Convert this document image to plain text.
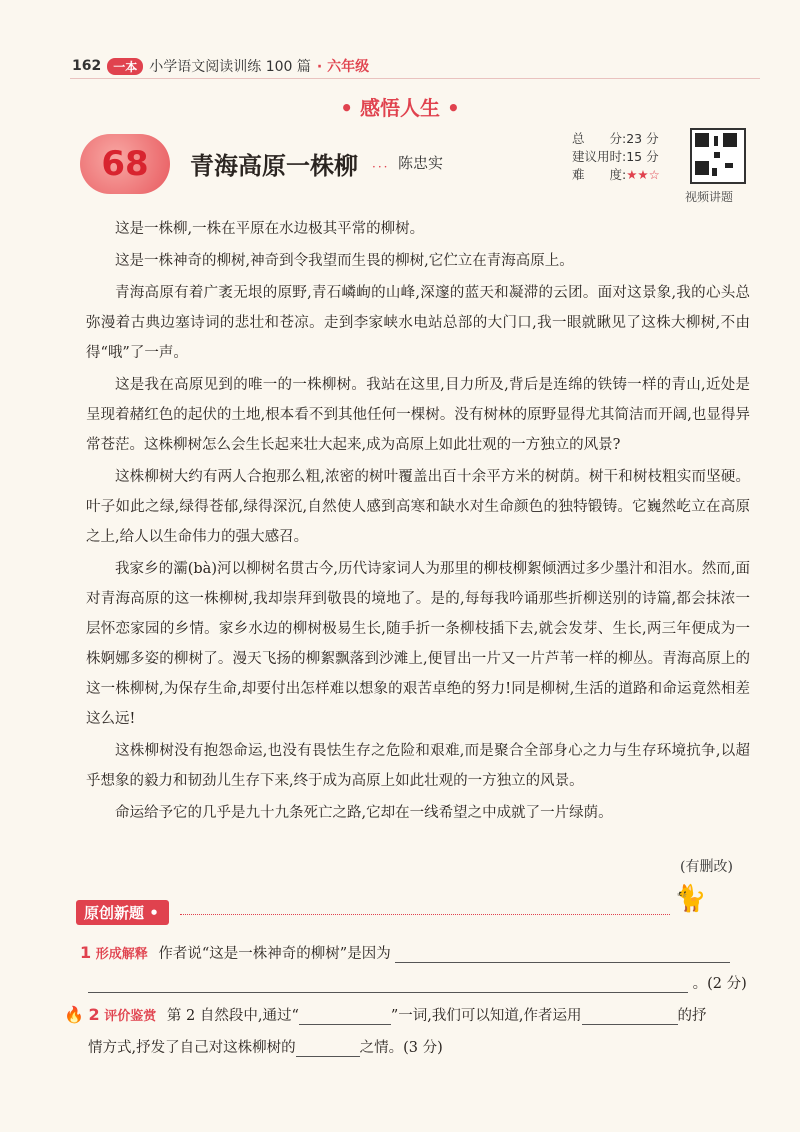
162	一本 小学语文阅读训练 100 篇 · 六年级
• 感悟人生 •
68 青海高原一株柳 ··· 陈忠实
总　　分:23 分
建议用时:15 分
难　　度:★★☆
视频讲题

这是一株柳,一株在平原在水边极其平常的柳树。

这是一株神奇的柳树,神奇到令我望而生畏的柳树,它伫立在青海高原上。

青海高原有着广袤无垠的原野,青石嶙峋的山峰,深邃的蓝天和凝滞的云团。面对这景象,我的心头总弥漫着古典边塞诗词的悲壮和苍凉。走到李家峡水电站总部的大门口,我一眼就瞅见了这株大柳树,不由得“哦”了一声。

这是我在高原见到的唯一的一株柳树。我站在这里,目力所及,背后是连绵的铁铸一样的青山,近处是呈现着赭红色的起伏的土地,根本看不到其他任何一棵树。没有树林的原野显得尤其简洁而开阔,也显得异常苍茫。这株柳树怎么会生长起来壮大起来,成为高原上如此壮观的一方独立的风景?

这株柳树大约有两人合抱那么粗,浓密的树叶覆盖出百十余平方米的树荫。树干和树枝粗实而坚硬。叶子如此之绿,绿得苍郁,绿得深沉,自然使人感到高寒和缺水对生命颜色的独特锻铸。它巍然屹立在高原之上,给人以生命伟力的强大感召。

我家乡的灞(bà)河以柳树名贯古今,历代诗家词人为那里的柳枝柳絮倾洒过多少墨汁和泪水。然而,面对青海高原的这一株柳树,我却崇拜到敬畏的境地了。是的,每每我吟诵那些折柳送别的诗篇,都会抹浓一层怀恋家园的乡情。家乡水边的柳树极易生长,随手折一条柳枝插下去,就会发芽、生长,两三年便成为一株婀娜多姿的柳树了。漫天飞扬的柳絮飘落到沙滩上,便冒出一片又一片芦苇一样的柳丛。青海高原上的这一株柳树,为保存生命,却要付出怎样难以想象的艰苦卓绝的努力!同是柳树,生活的道路和命运竟然相差这么远!

这株柳树没有抱怨命运,也没有畏怯生存之危险和艰难,而是聚合全部身心之力与生存环境抗争,以超乎想象的毅力和韧劲儿生存下来,终于成为高原上如此壮观的一方独立的风景。

命运给予它的几乎是九十九条死亡之路,它却在一线希望之中成就了一片绿荫。

(有删改)
原创新题 •	🐈
1 形成解释 作者说“这是一株神奇的柳树”是因为
。(2 分)
🔥 2 评价鉴赏 第 2 自然段中,通过“	”一词,我们可以知道,作者运用	的抒
情方式,抒发了自己对这株柳树的	之情。(3 分)
